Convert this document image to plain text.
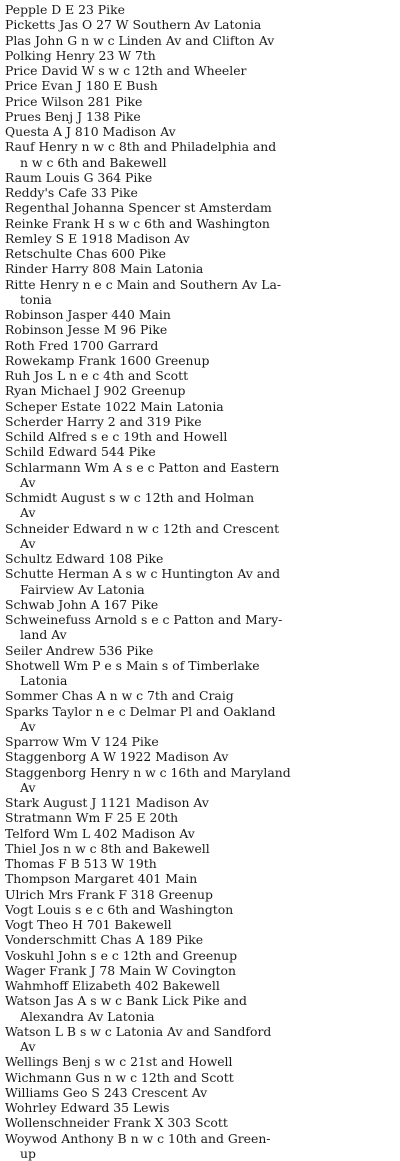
Pepple D E 23 Pike
Picketts Jas O 27 W Southern Av Latonia
Plas John G n w c Linden Av and Clifton Av
Polking Henry 23 W 7th
Price David W s w c 12th and Wheeler
Price Evan J 180 E Bush
Price Wilson 281 Pike
Prues Benj J 138 Pike
Questa A J 810 Madison Av
Rauf Henry n w c 8th and Philadelphia and
n w c 6th and Bakewell
Raum Louis G 364 Pike
Reddy's Cafe 33 Pike
Regenthal Johanna Spencer st Amsterdam
Reinke Frank H s w c 6th and Washington
Remley S E 1918 Madison Av
Retschulte Chas 600 Pike
Rinder Harry 808 Main Latonia
Ritte Henry n e c Main and Southern Av La-
tonia
Robinson Jasper 440 Main
Robinson Jesse M 96 Pike
Roth Fred 1700 Garrard
Rowekamp Frank 1600 Greenup
Ruh Jos L n e c 4th and Scott
Ryan Michael J 902 Greenup
Scheper Estate 1022 Main Latonia
Scherder Harry 2 and 319 Pike
Schild Alfred s e c 19th and Howell
Schild Edward 544 Pike
Schlarmann Wm A s e c Patton and Eastern
Av
Schmidt August s w c 12th and Holman
Av
Schneider Edward n w c 12th and Crescent
Av
Schultz Edward 108 Pike
Schutte Herman A s w c Huntington Av and
Fairview Av Latonia
Schwab John A 167 Pike
Schweinefuss Arnold s e c Patton and Mary-
land Av
Seiler Andrew 536 Pike
Shotwell Wm P e s Main s of Timberlake
Latonia
Sommer Chas A n w c 7th and Craig
Sparks Taylor n e c Delmar Pl and Oakland
Av
Sparrow Wm V 124 Pike
Staggenborg A W 1922 Madison Av
Staggenborg Henry n w c 16th and Maryland
Av
Stark August J 1121 Madison Av
Stratmann Wm F 25 E 20th
Telford Wm L 402 Madison Av
Thiel Jos n w c 8th and Bakewell
Thomas F B 513 W 19th
Thompson Margaret 401 Main
Ulrich Mrs Frank F 318 Greenup
Vogt Louis s e c 6th and Washington
Vogt Theo H 701 Bakewell
Vonderschmitt Chas A 189 Pike
Voskuhl John s e c 12th and Greenup
Wager Frank J 78 Main W Covington
Wahmhoff Elizabeth 402 Bakewell
Watson Jas A s w c Bank Lick Pike and
Alexandra Av Latonia
Watson L B s w c Latonia Av and Sandford
Av
Wellings Benj s w c 21st and Howell
Wichmann Gus n w c 12th and Scott
Williams Geo S 243 Crescent Av
Wohrley Edward 35 Lewis
Wollenschneider Frank X 303 Scott
Woywod Anthony B n w c 10th and Green-
up
